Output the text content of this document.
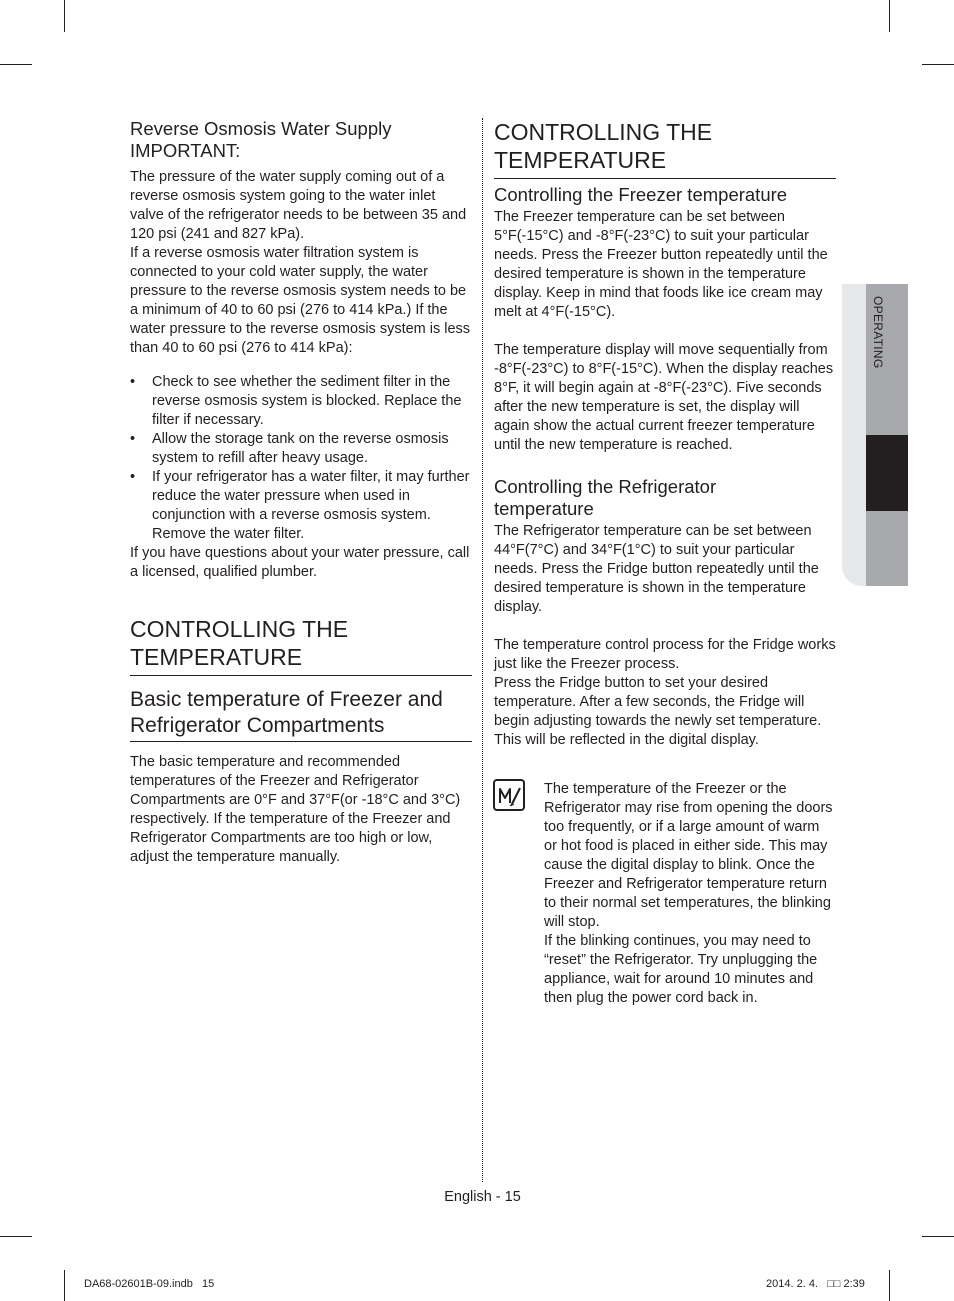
Reverse Osmosis Water Supply
IMPORTANT:

The pressure of the water supply coming out of a reverse osmosis system going to the water inlet valve of the refrigerator needs to be between 35 and 120 psi (241 and 827 kPa).

If a reverse osmosis water filtration system is connected to your cold water supply, the water pressure to the reverse osmosis system needs to be a minimum of 40 to 60 psi (276 to 414 kPa.) If the water pressure to the reverse osmosis system is less than 40 to 60 psi (276 to 414 kPa):

• Check to see whether the sediment filter in the reverse osmosis system is blocked. Replace the filter if necessary.
• Allow the storage tank on the reverse osmosis system to refill after heavy usage.
• If your refrigerator has a water filter, it may further reduce the water pressure when used in conjunction with a reverse osmosis system. Remove the water filter.

If you have questions about your water pressure, call a licensed, qualified plumber.

CONTROLLING THE TEMPERATURE
Basic temperature of Freezer and Refrigerator Compartments

The basic temperature and recommended temperatures of the Freezer and Refrigerator Compartments are 0°F and 37°F(or -18°C and 3°C) respectively. If the temperature of the Freezer and Refrigerator Compartments are too high or low, adjust the temperature manually.

CONTROLLING THE TEMPERATURE
Controlling the Freezer temperature

The Freezer temperature can be set between 5°F(-15°C) and -8°F(-23°C) to suit your particular needs. Press the Freezer button repeatedly until the desired temperature is shown in the temperature display. Keep in mind that foods like ice cream may melt at 4°F(-15°C).

The temperature display will move sequentially from -8°F(-23°C) to 8°F(-15°C). When the display reaches 8°F, it will begin again at -8°F(-23°C). Five seconds after the new temperature is set, the display will again show the actual current freezer temperature until the new temperature is reached.

Controlling the Refrigerator temperature

The Refrigerator temperature can be set between 44°F(7°C) and 34°F(1°C) to suit your particular needs. Press the Fridge button repeatedly until the desired temperature is shown in the temperature display.

The temperature control process for the Fridge works just like the Freezer process.

Press the Fridge button to set your desired temperature. After a few seconds, the Fridge will begin adjusting towards the newly set temperature. This will be reflected in the digital display.

The temperature of the Freezer or the Refrigerator may rise from opening the doors too frequently, or if a large amount of warm or hot food is placed in either side. This may cause the digital display to blink. Once the Freezer and Refrigerator temperature return to their normal set temperatures, the blinking will stop.

If the blinking continues, you may need to “reset” the Refrigerator. Try unplugging the appliance, wait for around 10 minutes and then plug the power cord back in.

OPERATING
English - 15
DA68-02601B-09.indb   15	2014. 2. 4.   □□ 2:39
